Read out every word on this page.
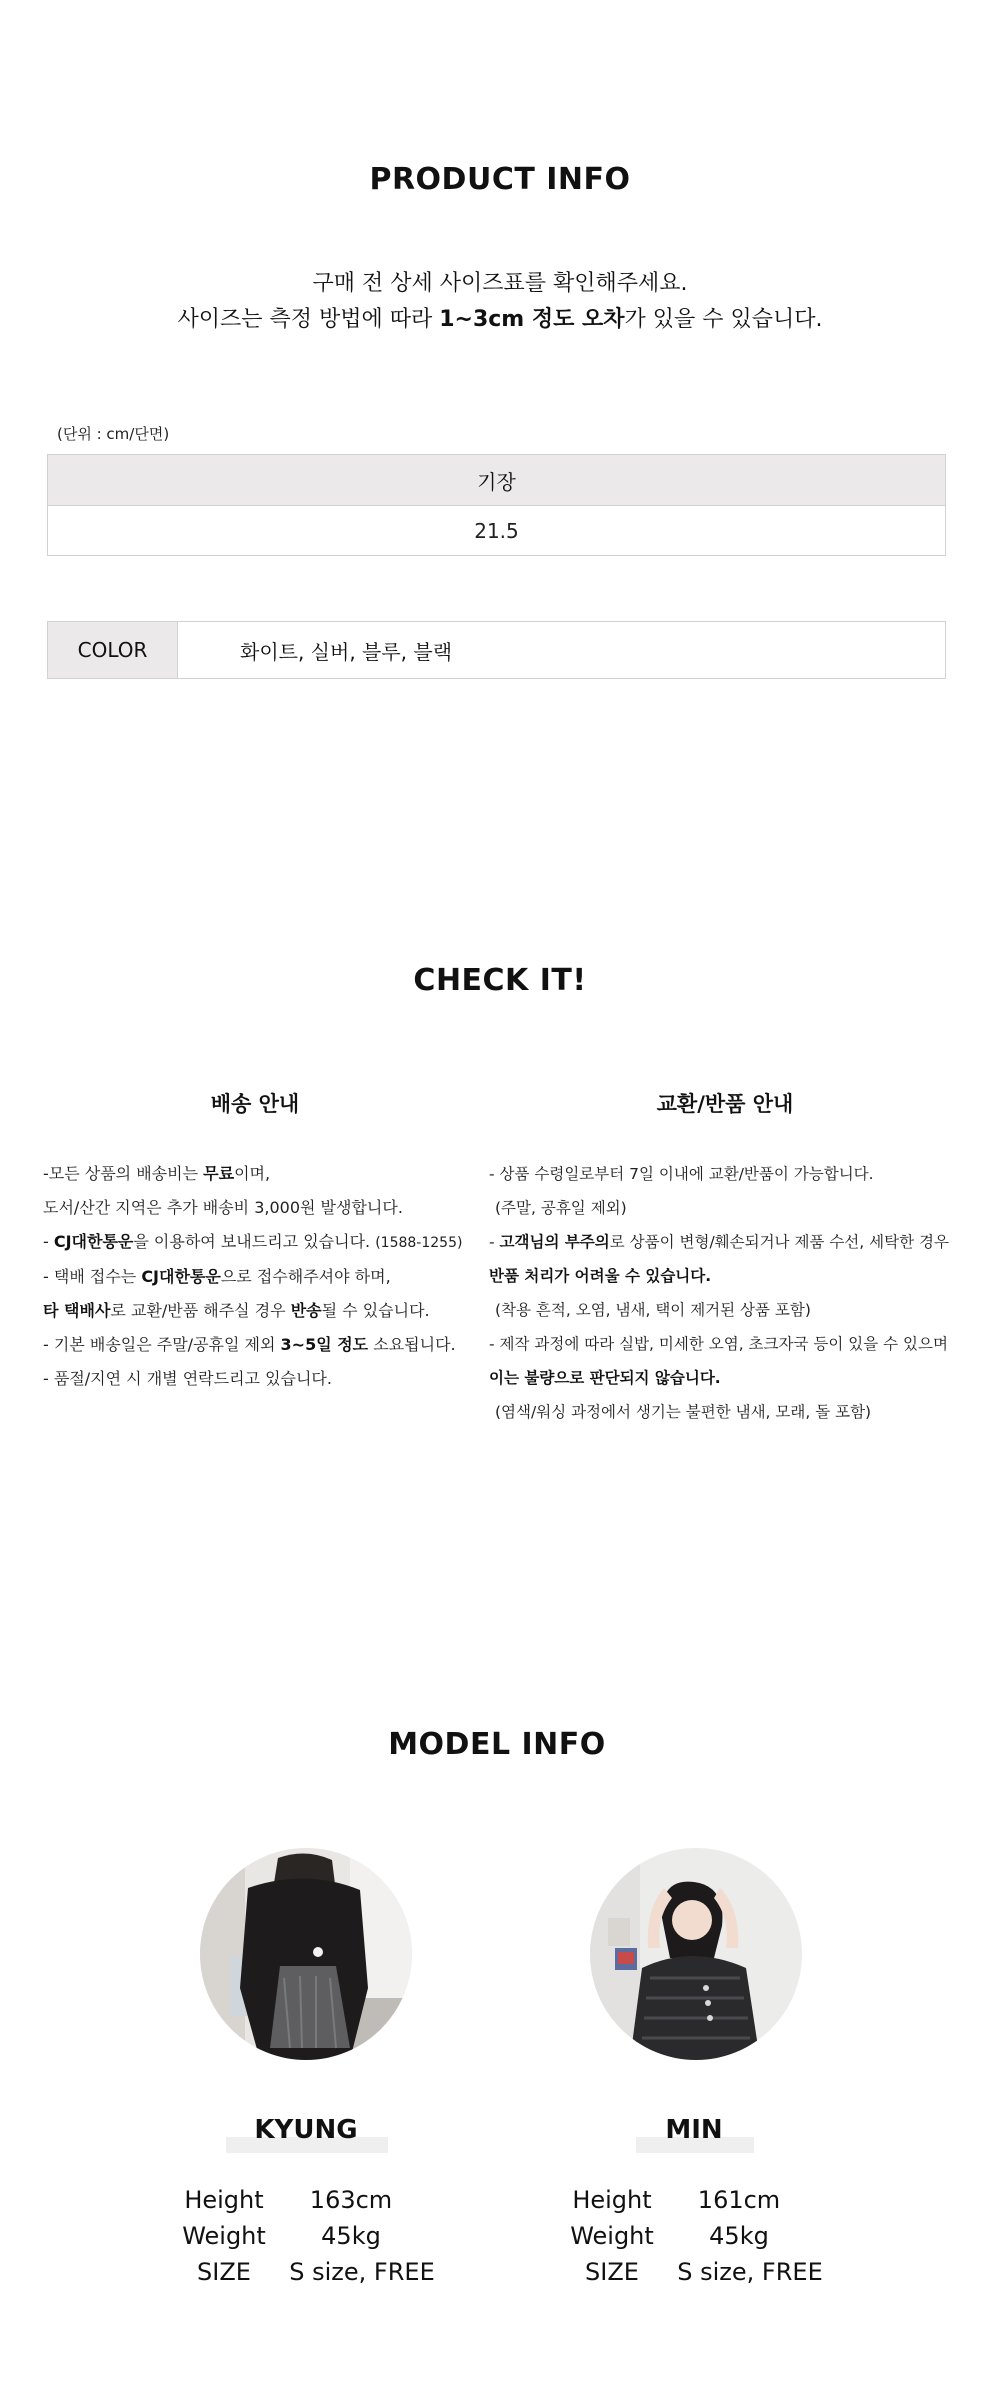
PRODUCT INFO
구매 전 상세 사이즈표를 확인해주세요.
사이즈는 측정 방법에 따라 1~3cm 정도 오차가 있을 수 있습니다.
(단위 : cm/단면)
기장
21.5
COLOR	화이트, 실버, 블루, 블랙
CHECK IT!
배송 안내	교환/반품 안내
-모든 상품의 배송비는 무료이며,
도서/산간 지역은 추가 배송비 3,000원 발생합니다.
- CJ대한통운을 이용하여 보내드리고 있습니다. (1588-1255)
- 택배 접수는 CJ대한통운으로 접수해주셔야 하며,
타 택배사로 교환/반품 해주실 경우 반송될 수 있습니다.
- 기본 배송일은 주말/공휴일 제외 3~5일 정도 소요됩니다.
- 품절/지연 시 개별 연락드리고 있습니다.
- 상품 수령일로부터 7일 이내에 교환/반품이 가능합니다.
(주말, 공휴일 제외)
- 고객님의 부주의로 상품이 변형/훼손되거나 제품 수선, 세탁한 경우
반품 처리가 어려울 수 있습니다.
(착용 흔적, 오염, 냄새, 택이 제거된 상품 포함)
- 제작 과정에 따라 실밥, 미세한 오염, 초크자국 등이 있을 수 있으며
이는 불량으로 판단되지 않습니다.
(염색/워싱 과정에서 생기는 불편한 냄새, 모래, 돌 포함)
MODEL INFO
KYUNG
Height	163cm
Weight	45kg
SIZE	S size, FREE
MIN
Height	161cm
Weight	45kg
SIZE	S size, FREE
